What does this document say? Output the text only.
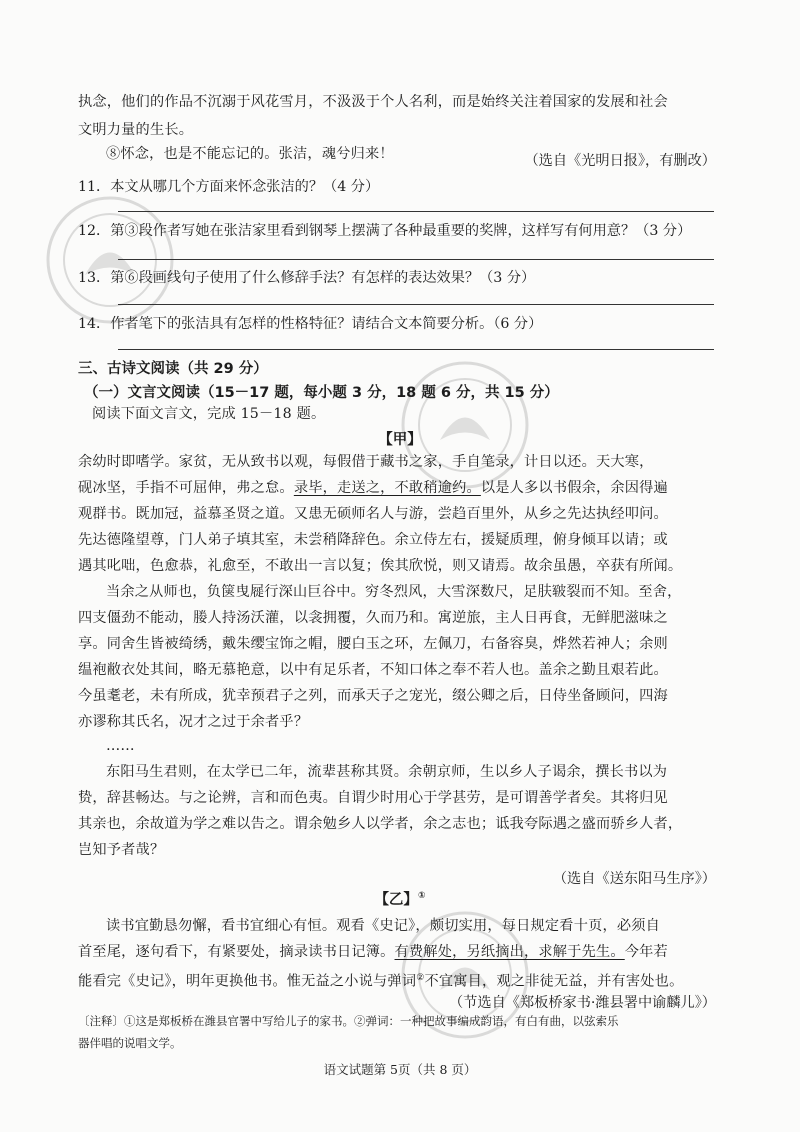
执念，他们的作品不沉溺于风花雪月，不汲汲于个人名利，而是始终关注着国家的发展和社会
文明力量的生长。
⑧怀念，也是不能忘记的。张洁，魂兮归来！	（选自《光明日报》，有删改）
11．本文从哪几个方面来怀念张洁的？（4 分）
12．第③段作者写她在张洁家里看到钢琴上摆满了各种最重要的奖牌，这样写有何用意？（3 分）
13．第⑥段画线句子使用了什么修辞手法？有怎样的表达效果？（3 分）
14．作者笔下的张洁具有怎样的性格特征？请结合文本简要分析。（6 分）
三、古诗文阅读（共 29 分）
（一）文言文阅读（15－17 题，每小题 3 分，18 题 6 分，共 15 分）
阅读下面文言文，完成 15－18 题。
【甲】
余幼时即嗜学。家贫，无从致书以观，每假借于藏书之家，手自笔录，计日以还。天大寒，
砚冰坚，手指不可屈伸，弗之怠。录毕，走送之，不敢稍逾约。以是人多以书假余，余因得遍
观群书。既加冠，益慕圣贤之道。又患无硕师名人与游，尝趋百里外，从乡之先达执经叩问。
先达德隆望尊，门人弟子填其室，未尝稍降辞色。余立侍左右，援疑质理，俯身倾耳以请；或
遇其叱咄，色愈恭，礼愈至，不敢出一言以复；俟其欣悦，则又请焉。故余虽愚，卒获有所闻。
当余之从师也，负箧曳屣行深山巨谷中。穷冬烈风，大雪深数尺，足肤皲裂而不知。至舍，
四支僵劲不能动，媵人持汤沃灌，以衾拥覆，久而乃和。寓逆旅，主人日再食，无鲜肥滋味之
享。同舍生皆被绮绣，戴朱缨宝饰之帽，腰白玉之环，左佩刀，右备容臭，烨然若神人；余则
缊袍敝衣处其间，略无慕艳意，以中有足乐者，不知口体之奉不若人也。盖余之勤且艰若此。
今虽耄老，未有所成，犹幸预君子之列，而承天子之宠光，缀公卿之后，日侍坐备顾问，四海
亦谬称其氏名，况才之过于余者乎？
……
东阳马生君则，在太学已二年，流辈甚称其贤。余朝京师，生以乡人子谒余，撰长书以为
贽，辞甚畅达。与之论辨，言和而色夷。自谓少时用心于学甚劳，是可谓善学者矣。其将归见
其亲也，余故道为学之难以告之。谓余勉乡人以学者，余之志也；诋我夸际遇之盛而骄乡人者，
岂知予者哉？
（选自《送东阳马生序》）
【乙】①
读书宜勤恳勿懈，看书宜细心有恒。观看《史记》，颇切实用，每日规定看十页，必须自
首至尾，逐句看下，有紧要处，摘录读书日记簿。有费解处，另纸摘出，求解于先生。今年若
能看完《史记》，明年更换他书。惟无益之小说与弹词②不宜寓目，观之非徒无益，并有害处也。
（节选自《郑板桥家书·潍县署中谕麟儿》）
〔注释〕①这是郑板桥在潍县官署中写给儿子的家书。②弹词：一种把故事编成韵语，有白有曲，以弦索乐
器伴唱的说唱文学。
语文试题第 5页（共 8 页）
